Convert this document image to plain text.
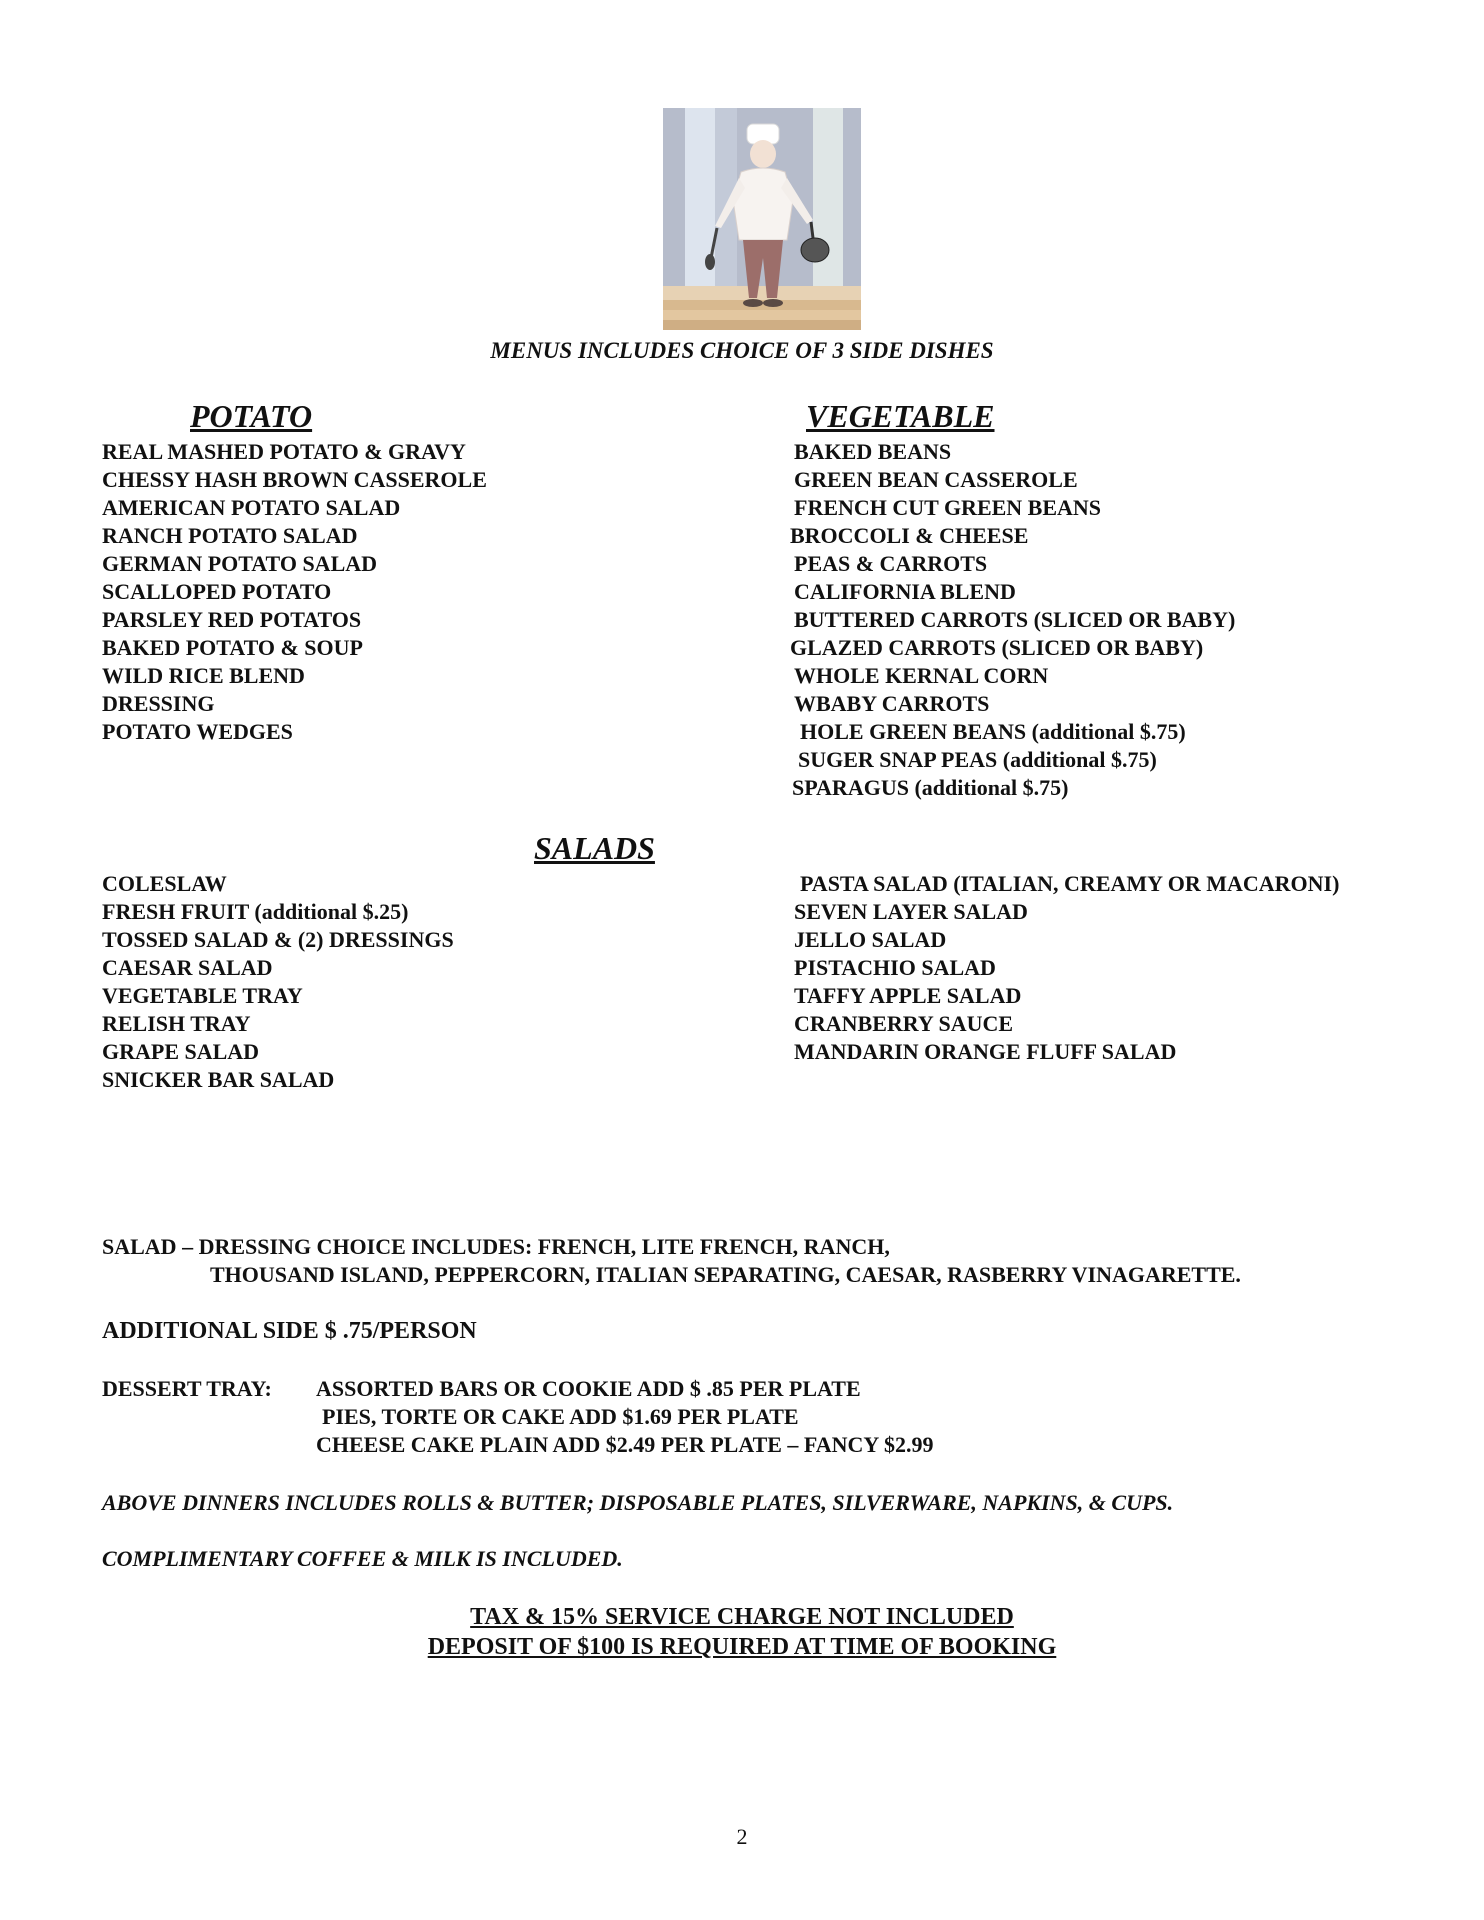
MENUS INCLUDES CHOICE OF 3 SIDE DISHES
POTATO
REAL MASHED POTATO & GRAVY
CHESSY HASH BROWN CASSEROLE
AMERICAN POTATO SALAD
RANCH POTATO SALAD
GERMAN POTATO SALAD
SCALLOPED POTATO
PARSLEY RED POTATOS
BAKED POTATO & SOUP
WILD RICE BLEND
DRESSING
POTATO WEDGES
VEGETABLE
BAKED BEANS
GREEN BEAN CASSEROLE
FRENCH CUT GREEN BEANS
BROCCOLI & CHEESE
PEAS & CARROTS
CALIFORNIA BLEND
BUTTERED CARROTS (SLICED OR BABY)
GLAZED CARROTS (SLICED OR BABY)
WHOLE KERNAL CORN
WBABY CARROTS
HOLE GREEN BEANS (additional $.75)
SUGER SNAP PEAS (additional $.75)
SPARAGUS (additional $.75)
SALADS
COLESLAW
FRESH FRUIT (additional $.25)
TOSSED SALAD & (2) DRESSINGS
CAESAR SALAD
VEGETABLE TRAY
RELISH TRAY
GRAPE SALAD
SNICKER BAR SALAD
PASTA SALAD (ITALIAN, CREAMY OR MACARONI)
SEVEN LAYER SALAD
JELLO SALAD
PISTACHIO SALAD
TAFFY APPLE SALAD
CRANBERRY SAUCE
MANDARIN ORANGE FLUFF SALAD
SALAD – DRESSING CHOICE INCLUDES: FRENCH, LITE FRENCH, RANCH,
THOUSAND ISLAND, PEPPERCORN, ITALIAN SEPARATING, CAESAR, RASBERRY VINAGARETTE.
ADDITIONAL SIDE $ .75/PERSON
DESSERT TRAY: ASSORTED BARS OR COOKIE ADD $ .85 PER PLATE
PIES, TORTE OR CAKE ADD $1.69 PER PLATE
CHEESE CAKE PLAIN ADD $2.49 PER PLATE – FANCY $2.99
ABOVE DINNERS INCLUDES ROLLS & BUTTER; DISPOSABLE PLATES, SILVERWARE, NAPKINS, & CUPS.
COMPLIMENTARY COFFEE & MILK IS INCLUDED.
TAX & 15% SERVICE CHARGE NOT INCLUDED
DEPOSIT OF $100 IS REQUIRED AT TIME OF BOOKING
2
